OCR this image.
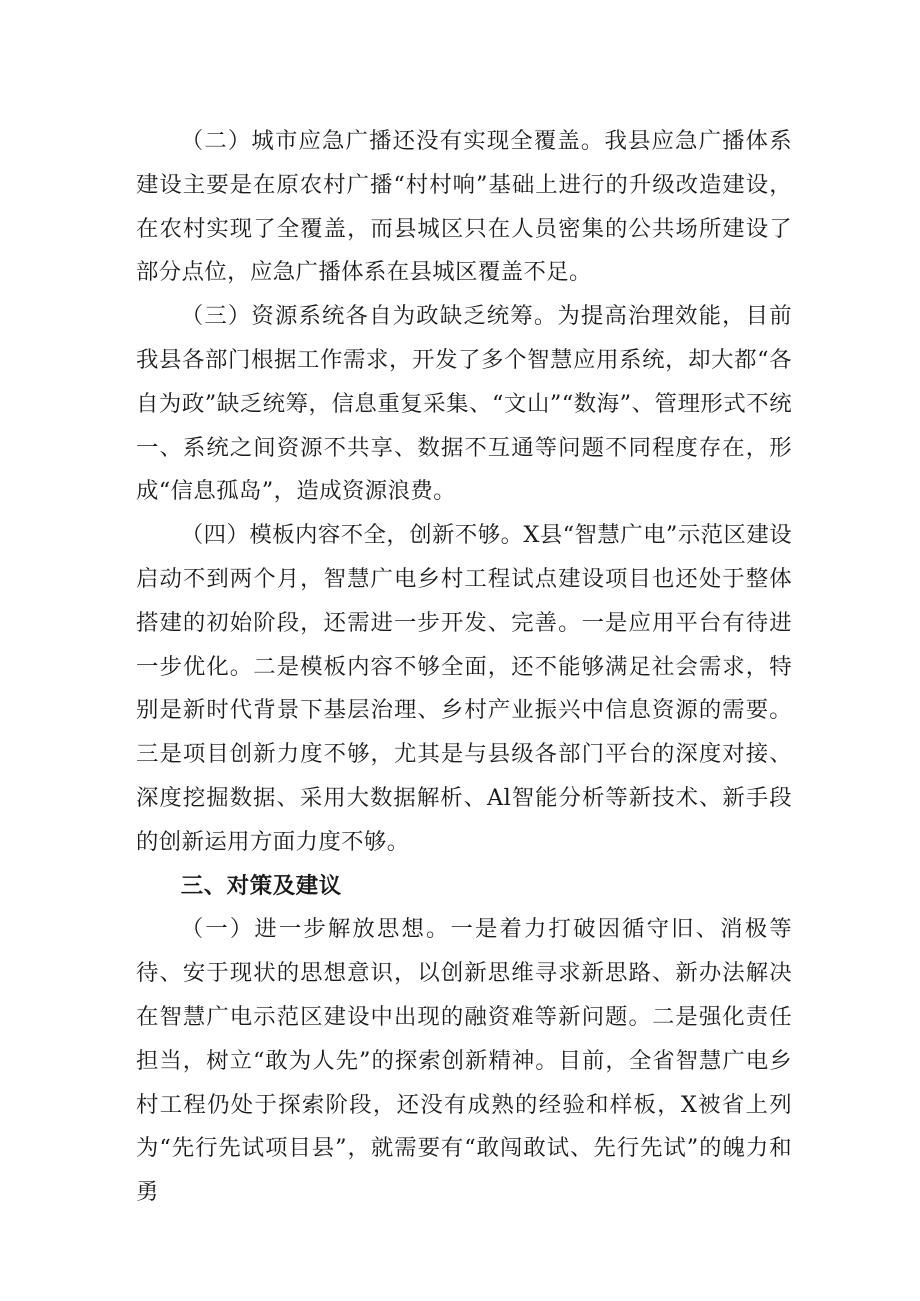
（二）城市应急广播还没有实现全覆盖。我县应急广播体系建设主要是在原农村广播“村村响”基础上进行的升级改造建设，在农村实现了全覆盖，而县城区只在人员密集的公共场所建设了部分点位，应急广播体系在县城区覆盖不足。

（三）资源系统各自为政缺乏统筹。为提高治理效能，目前我县各部门根据工作需求，开发了多个智慧应用系统，却大都“各自为政”缺乏统筹，信息重复采集、“文山”“数海”、管理形式不统一、系统之间资源不共享、数据不互通等问题不同程度存在，形成“信息孤岛”，造成资源浪费。

（四）模板内容不全，创新不够。X县“智慧广电”示范区建设启动不到两个月，智慧广电乡村工程试点建设项目也还处于整体搭建的初始阶段，还需进一步开发、完善。一是应用平台有待进一步优化。二是模板内容不够全面，还不能够满足社会需求，特别是新时代背景下基层治理、乡村产业振兴中信息资源的需要。三是项目创新力度不够，尤其是与县级各部门平台的深度对接、深度挖掘数据、采用大数据解析、Al智能分析等新技术、新手段的创新运用方面力度不够。

三、对策及建议

（一）进一步解放思想。一是着力打破因循守旧、消极等待、安于现状的思想意识，以创新思维寻求新思路、新办法解决在智慧广电示范区建设中出现的融资难等新问题。二是强化责任担当，树立“敢为人先”的探索创新精神。目前，全省智慧广电乡村工程仍处于探索阶段，还没有成熟的经验和样板，X被省上列为“先行先试项目县”，就需要有“敢闯敢试、先行先试”的魄力和勇
